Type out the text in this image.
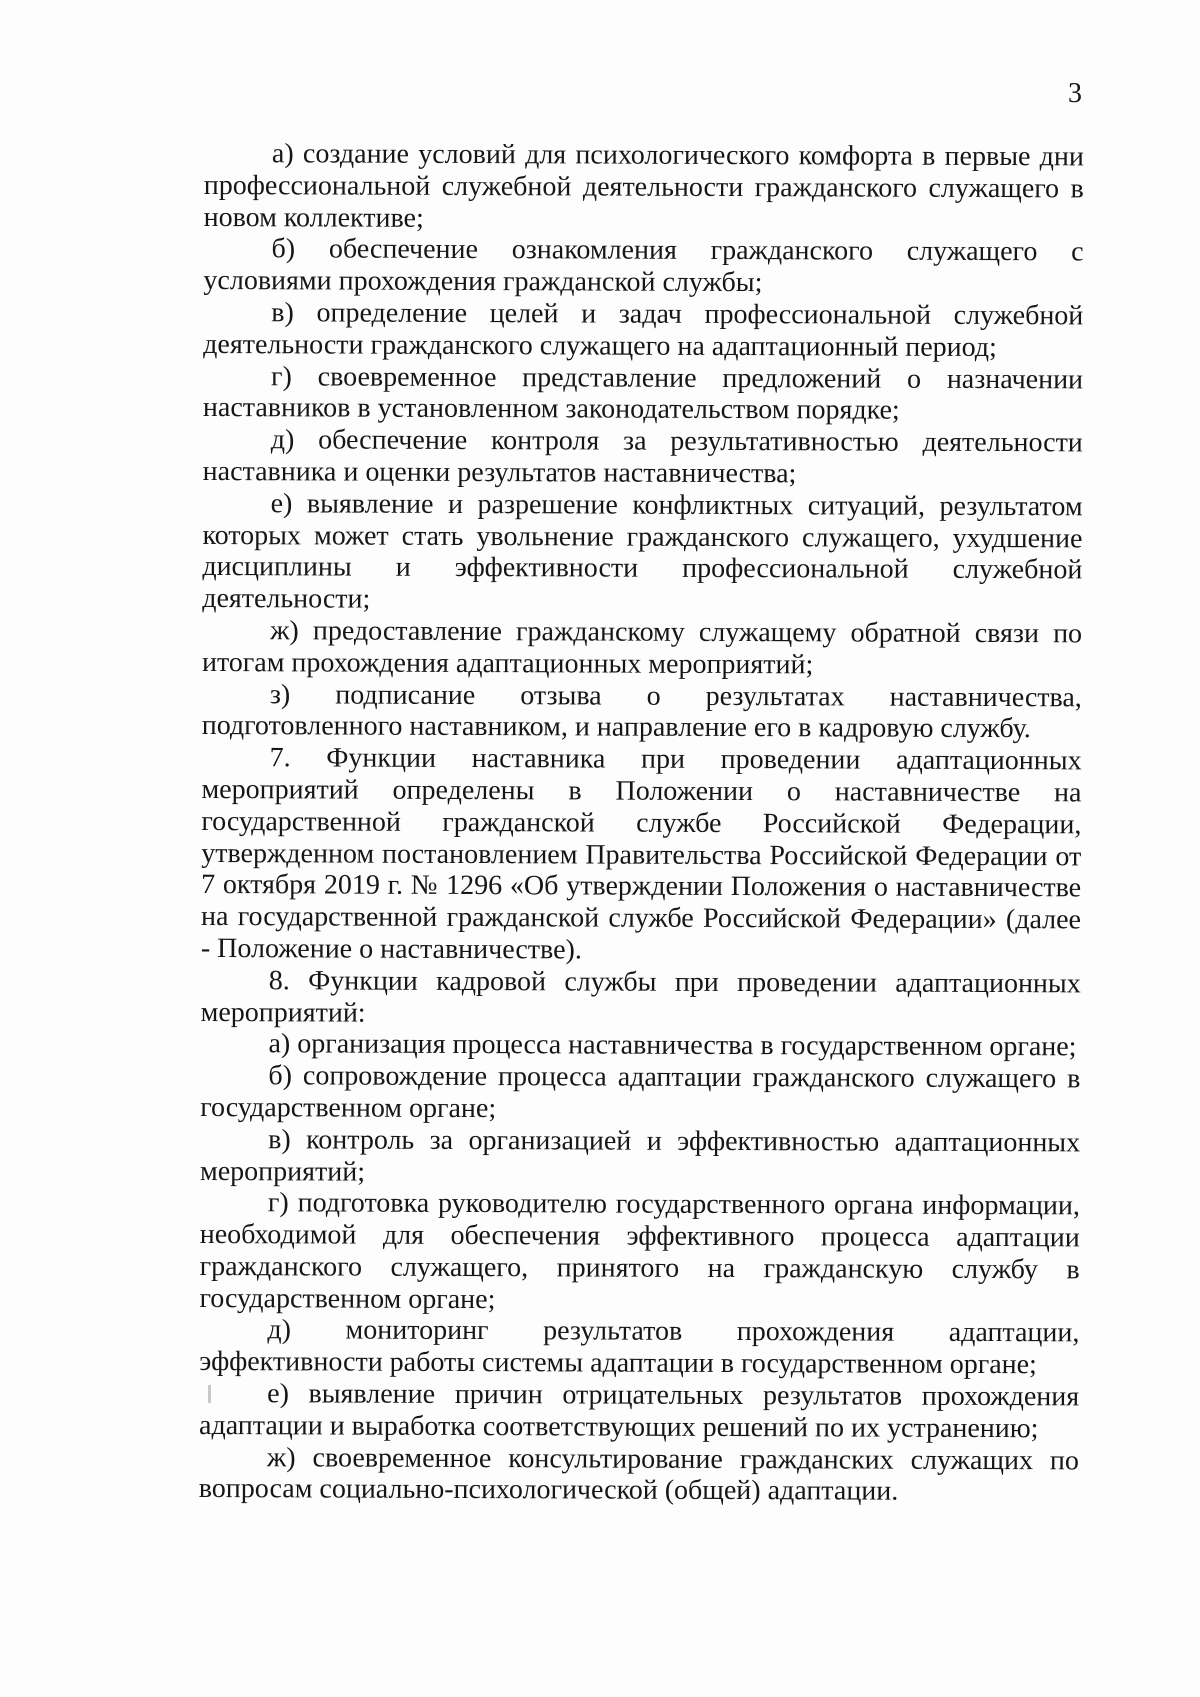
3

а) создание условий для психологического комфорта в первые дни профессиональной служебной деятельности гражданского служащего в новом коллективе;

б) обеспечение ознакомления гражданского служащего с условиями прохождения гражданской службы;

в) определение целей и задач профессиональной служебной деятельности гражданского служащего на адаптационный период;

г) своевременное представление предложений о назначении наставников в установленном законодательством порядке;

д) обеспечение контроля за результативностью деятельности наставника и оценки результатов наставничества;

е) выявление и разрешение конфликтных ситуаций, результатом которых может стать увольнение гражданского служащего, ухудшение дисциплины и эффективности профессиональной служебной деятельности;

ж) предоставление гражданскому служащему обратной связи по итогам прохождения адаптационных мероприятий;

з) подписание отзыва о результатах наставничества, подготовленного наставником, и направление его в кадровую службу.

7. Функции наставника при проведении адаптационных мероприятий определены в Положении о наставничестве на государственной гражданской службе Российской Федерации, утвержденном постановлением Правительства Российской Федерации от 7 октября 2019 г. № 1296 «Об утверждении Положения о наставничестве на государственной гражданской службе Российской Федерации» (далее - Положение о наставничестве).

8. Функции кадровой службы при проведении адаптационных мероприятий:

а) организация процесса наставничества в государственном органе;

б) сопровождение процесса адаптации гражданского служащего в государственном органе;

в) контроль за организацией и эффективностью адаптационных мероприятий;

г) подготовка руководителю государственного органа информации, необходимой для обеспечения эффективного процесса адаптации гражданского служащего, принятого на гражданскую службу в государственном органе;

д) мониторинг результатов прохождения адаптации, эффективности работы системы адаптации в государственном органе;

е) выявление причин отрицательных результатов прохождения адаптации и выработка соответствующих решений по их устранению;

ж) своевременное консультирование гражданских служащих по вопросам социально-психологической (общей) адаптации.
